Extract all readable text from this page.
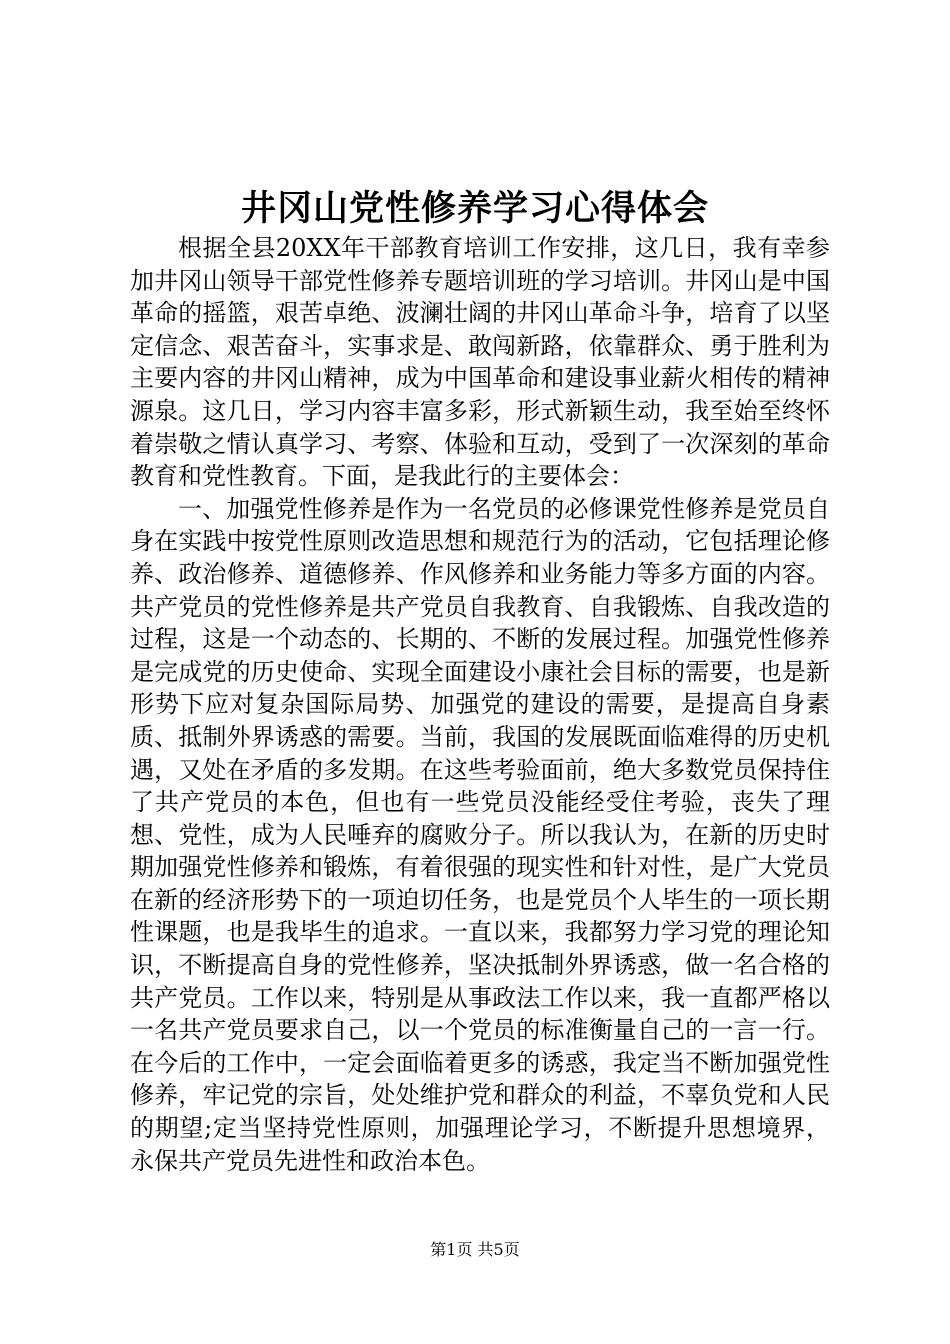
井冈山党性修养学习心得体会

根据全县20XX年干部教育培训工作安排，这几日，我有幸参加井冈山领导干部党性修养专题培训班的学习培训。井冈山是中国革命的摇篮，艰苦卓绝、波澜壮阔的井冈山革命斗争，培育了以坚定信念、艰苦奋斗，实事求是、敢闯新路，依靠群众、勇于胜利为主要内容的井冈山精神，成为中国革命和建设事业薪火相传的精神源泉。这几日，学习内容丰富多彩，形式新颖生动，我至始至终怀着崇敬之情认真学习、考察、体验和互动，受到了一次深刻的革命教育和党性教育。下面，是我此行的主要体会：

一、加强党性修养是作为一名党员的必修课党性修养是党员自身在实践中按党性原则改造思想和规范行为的活动，它包括理论修养、政治修养、道德修养、作风修养和业务能力等多方面的内容。共产党员的党性修养是共产党员自我教育、自我锻炼、自我改造的过程，这是一个动态的、长期的、不断的发展过程。加强党性修养是完成党的历史使命、实现全面建设小康社会目标的需要，也是新形势下应对复杂国际局势、加强党的建设的需要，是提高自身素质、抵制外界诱惑的需要。当前，我国的发展既面临难得的历史机遇，又处在矛盾的多发期。在这些考验面前，绝大多数党员保持住了共产党员的本色，但也有一些党员没能经受住考验，丧失了理想、党性，成为人民唾弃的腐败分子。所以我认为，在新的历史时期加强党性修养和锻炼，有着很强的现实性和针对性，是广大党员在新的经济形势下的一项迫切任务，也是党员个人毕生的一项长期性课题，也是我毕生的追求。一直以来，我都努力学习党的理论知识，不断提高自身的党性修养，坚决抵制外界诱惑，做一名合格的共产党员。工作以来，特别是从事政法工作以来，我一直都严格以一名共产党员要求自己，以一个党员的标准衡量自己的一言一行。在今后的工作中，一定会面临着更多的诱惑，我定当不断加强党性修养，牢记党的宗旨，处处维护党和群众的利益，不辜负党和人民的期望;定当坚持党性原则，加强理论学习，不断提升思想境界，永保共产党员先进性和政治本色。

第1页 共5页
